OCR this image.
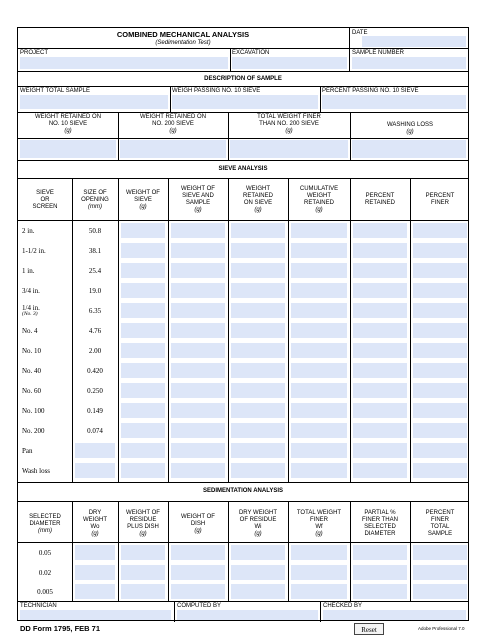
COMBINED MECHANICAL ANALYSIS
(Sedimentation Test)
DATE
PROJECT	EXCAVATION	SAMPLE NUMBER
DESCRIPTION OF SAMPLE
WEIGHT TOTAL SAMPLE	WEIGH PASSING NO. 10 SIEVE	PERCENT PASSING NO. 10 SIEVE
WEIGHT RETAINED ON
NO. 10 SIEVE
(g)
WEIGHT RETAINED ON
NO. 200 SIEVE
(g)
TOTAL WEIGHT FINER
THAN NO. 200 SIEVE
(g)
WASHING LOSS
(g)
SIEVE ANALYSIS
SIEVE
OR
SCREEN
SIZE OF
OPENING
(mm)
WEIGHT OF
SIEVE
(g)
WEIGHT OF
SIEVE AND
SAMPLE
(g)
WEIGHT
RETAINED
ON SIEVE
(g)
CUMULATIVE
WEIGHT
RETAINED
(g)
PERCENT
RETAINED
PERCENT
FINER
2 in.	50.8
1-1/2 in.	38.1
1 in.	25.4
3/4 in.	19.0
1/4 in.
(No. 3)	6.35
No. 4	4.76
No. 10	2.00
No. 40	0.420
No. 60	0.250
No. 100	0.149
No. 200	0.074
Pan
Wash loss
SEDIMENTATION ANALYSIS
SELECTED
DIAMETER
(mm)
DRY
WEIGHT
Wo
(g)
WEIGHT OF
RESIDUE
PLUS DISH
(g)
WEIGHT OF
DISH
(g)
DRY WEIGHT
OF RESIDUE
Wi
(g)
TOTAL WEIGHT
FINER
Wf
(g)
PARTIAL %
FINER THAN
SELECTED
DIAMETER
PERCENT
FINER
TOTAL
SAMPLE
0.05
0.02
0.005
TECHNICIAN	COMPUTED BY	CHECKED BY
DD Form 1795, FEB 71	Reset	Adobe Professional 7.0
